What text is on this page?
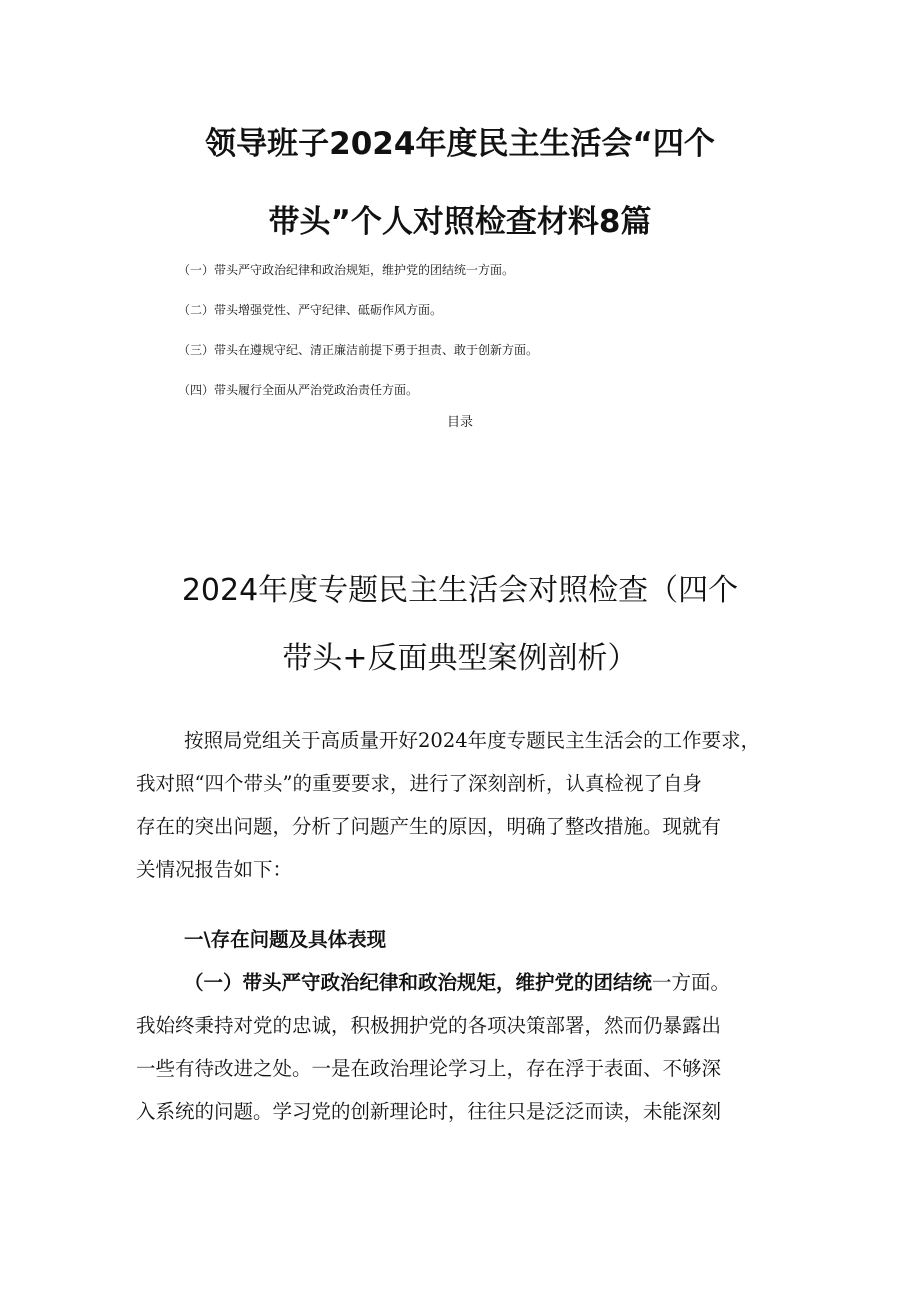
领导班子2024年度民主生活会“四个
带头”个人对照检查材料8篇
（一）带头严守政治纪律和政治规矩，维护党的团结统一方面。
（二）带头增强党性、严守纪律、砥砺作风方面。
（三）带头在遵规守纪、清正廉洁前提下勇于担责、敢于创新方面。
（四）带头履行全面从严治党政治责任方面。
目录
2024年度专题民主生活会对照检查（四个
带头+反面典型案例剖析）
按照局党组关于高质量开好2024年度专题民主生活会的工作要求，
我对照“四个带头”的重要要求，进行了深刻剖析，认真检视了自身
存在的突出问题，分析了问题产生的原因，明确了整改措施。现就有
关情况报告如下：
一\存在问题及具体表现
（一）带头严守政治纪律和政治规矩，维护党的团结统一方面。
我始终秉持对党的忠诚，积极拥护党的各项决策部署，然而仍暴露出
一些有待改进之处。一是在政治理论学习上，存在浮于表面、不够深
入系统的问题。学习党的创新理论时，往往只是泛泛而读，未能深刻
